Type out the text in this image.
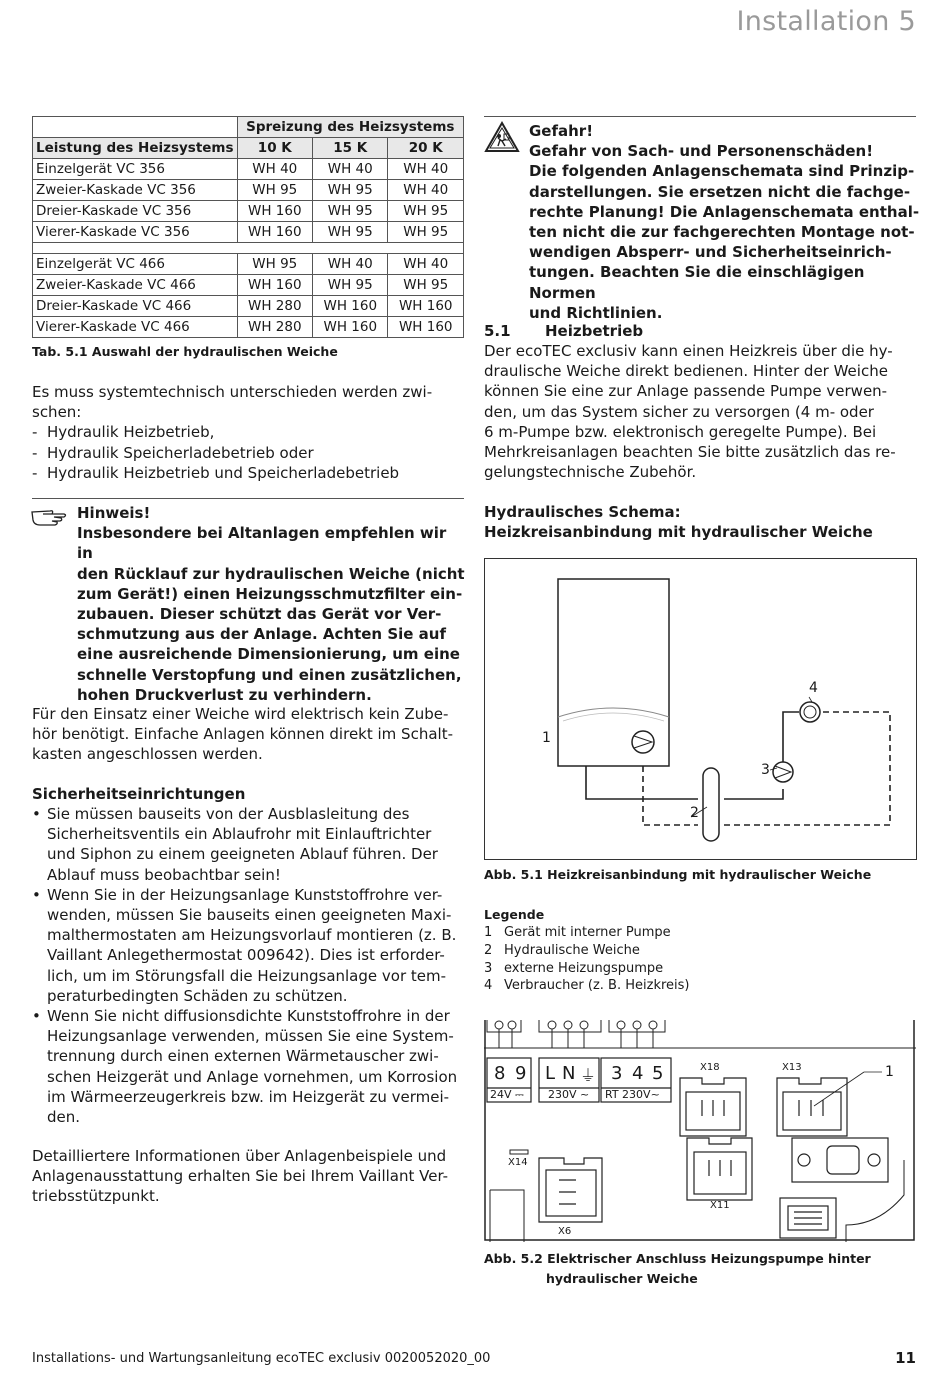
Installation 5
	Spreizung des Heizsystems		
Leistung des Heizsystems	10 K	15 K	20 K
Einzelgerät VC 356	WH 40	WH 40	WH 40
Zweier-Kaskade VC 356	WH 95	WH 95	WH 40
Dreier-Kaskade VC 356	WH 160	WH 95	WH 95
Vierer-Kaskade VC 356	WH 160	WH 95	WH 95

Einzelgerät VC 466	WH 95	WH 40	WH 40
Zweier-Kaskade VC 466	WH 160	WH 95	WH 95
Dreier-Kaskade VC 466	WH 280	WH 160	WH 160
Vierer-Kaskade VC 466	WH 280	WH 160	WH 160
Tab. 5.1 Auswahl der hydraulischen Weiche
Es muss systemtechnisch unterschieden werden zwi-
schen:
- Hydraulik Heizbetrieb,
- Hydraulik Speicherladebetrieb oder
- Hydraulik Heizbetrieb und Speicherladebetrieb
Hinweis!
Insbesondere bei Altanlagen empfehlen wir in
den Rücklauf zur hydraulischen Weiche (nicht
zum Gerät!) einen Heizungsschmutzfilter ein-
zubauen. Dieser schützt das Gerät vor Ver-
schmutzung aus der Anlage. Achten Sie auf
eine ausreichende Dimensionierung, um eine
schnelle Verstopfung und einen zusätzlichen,
hohen Druckverlust zu verhindern.
Für den Einsatz einer Weiche wird elektrisch kein Zube-
hör benötigt. Einfache Anlagen können direkt im Schalt-
kasten angeschlossen werden.
Sicherheitseinrichtungen
• Sie müssen bauseits von der Ausblasleitung des
Sicherheitsventils ein Ablaufrohr mit Einlauftrichter
und Siphon zu einem geeigneten Ablauf führen. Der
Ablauf muss beobachtbar sein!
• Wenn Sie in der Heizungsanlage Kunststoffrohre ver-
wenden, müssen Sie bauseits einen geeigneten Maxi-
malthermostaten am Heizungsvorlauf montieren (z. B.
Vaillant Anlegethermostat 009642). Dies ist erforder-
lich, um im Störungsfall die Heizungsanlage vor tem-
peraturbedingten Schäden zu schützen.
• Wenn Sie nicht diffusionsdichte Kunststoffrohre in der
Heizungsanlage verwenden, müssen Sie eine System-
trennung durch einen externen Wärmetauscher zwi-
schen Heizgerät und Anlage vornehmen, um Korrosion
im Wärmeerzeugerkreis bzw. im Heizgerät zu vermei-
den.
Detailliertere Informationen über Anlagenbeispiele und
Anlagenausstattung erhalten Sie bei Ihrem Vaillant Ver-
triebsstützpunkt.
Gefahr!
Gefahr von Sach- und Personenschäden!
Die folgenden Anlagenschemata sind Prinzip-
darstellungen. Sie ersetzen nicht die fachge-
rechte Planung! Die Anlagenschemata enthal-
ten nicht die zur fachgerechten Montage not-
wendigen Absperr- und Sicherheitseinrich-
tungen. Beachten Sie die einschlägigen Normen
und Richtlinien.
5.1 Heizbetrieb
Der ecoTEC exclusiv kann einen Heizkreis über die hy-
draulische Weiche direkt bedienen. Hinter der Weiche
können Sie eine zur Anlage passende Pumpe verwen-
den, um das System sicher zu versorgen (4 m- oder
6 m-Pumpe bzw. elektronisch geregelte Pumpe). Bei
Mehrkreisanlagen beachten Sie bitte zusätzlich das re-
gelungstechnische Zubehör.
Hydraulisches Schema:
Heizkreisanbindung mit hydraulischer Weiche
1
2
3
4
Abb. 5.1 Heizkreisanbindung mit hydraulischer Weiche
Legende
1 Gerät mit interner Pumpe
2 Hydraulische Weiche
3 externe Heizungspumpe
4 Verbraucher (z. B. Heizkreis)
8 9
24V ⎓
L N ⏚
230V ~
3 4 5
RT 230V~
X18	X13
X14
X11
X6
1
Abb. 5.2 Elektrischer Anschluss Heizungspumpe hinter
hydraulischer Weiche
Installations- und Wartungsanleitung ecoTEC exclusiv 0020052020_00	11
